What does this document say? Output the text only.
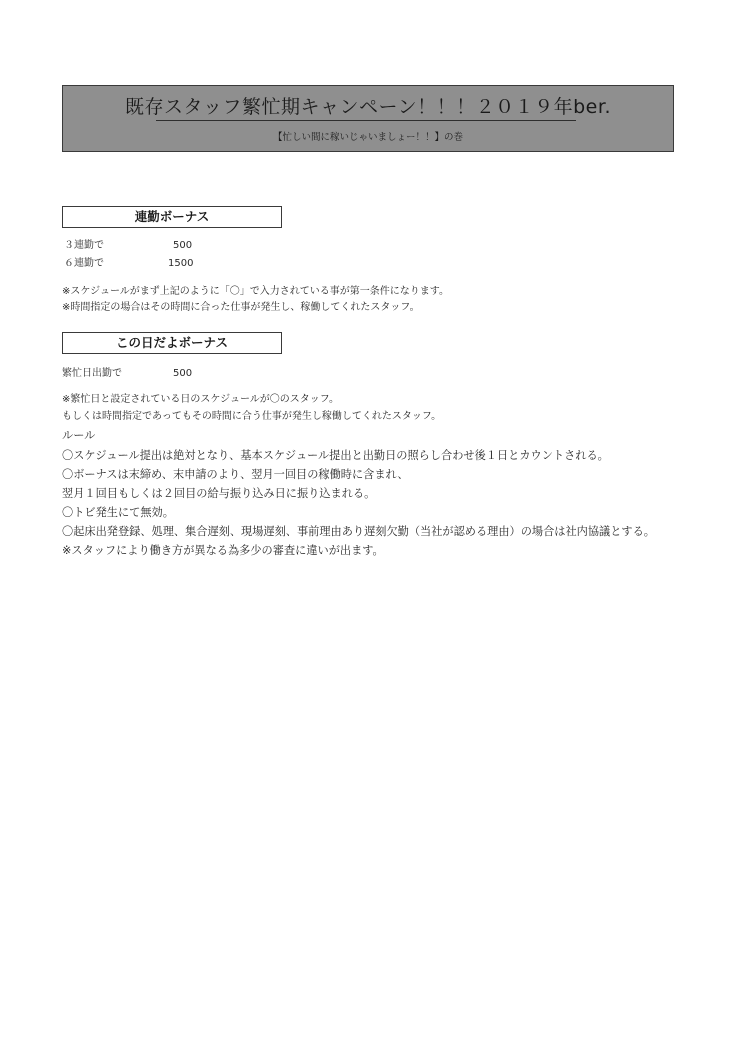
既存スタッフ繁忙期キャンペーン！！！２０１９年ber.
【忙しい間に稼いじゃいましょー！！】の巻
連勤ボーナス
３連勤で	500
６連勤で	1500
※スケジュールがまず上記のように「〇」で入力されている事が第一条件になります。
※時間指定の場合はその時間に合った仕事が発生し、稼働してくれたスタッフ。
この日だよボーナス
繁忙日出勤で	500
※繁忙日と設定されている日のスケジュールが〇のスタッフ。
もしくは時間指定であってもその時間に合う仕事が発生し稼働してくれたスタッフ。
ルール
〇スケジュール提出は絶対となり、基本スケジュール提出と出勤日の照らし合わせ後１日とカウントされる。
〇ボーナスは末締め、末申請のより、翌月一回目の稼働時に含まれ、
翌月１回目もしくは２回目の給与振り込み日に振り込まれる。
〇トビ発生にて無効。
〇起床出発登録、処理、集合遅刻、現場遅刻、事前理由あり遅刻欠勤（当社が認める理由）の場合は社内協議とする。
※スタッフにより働き方が異なる為多少の審査に違いが出ます。
